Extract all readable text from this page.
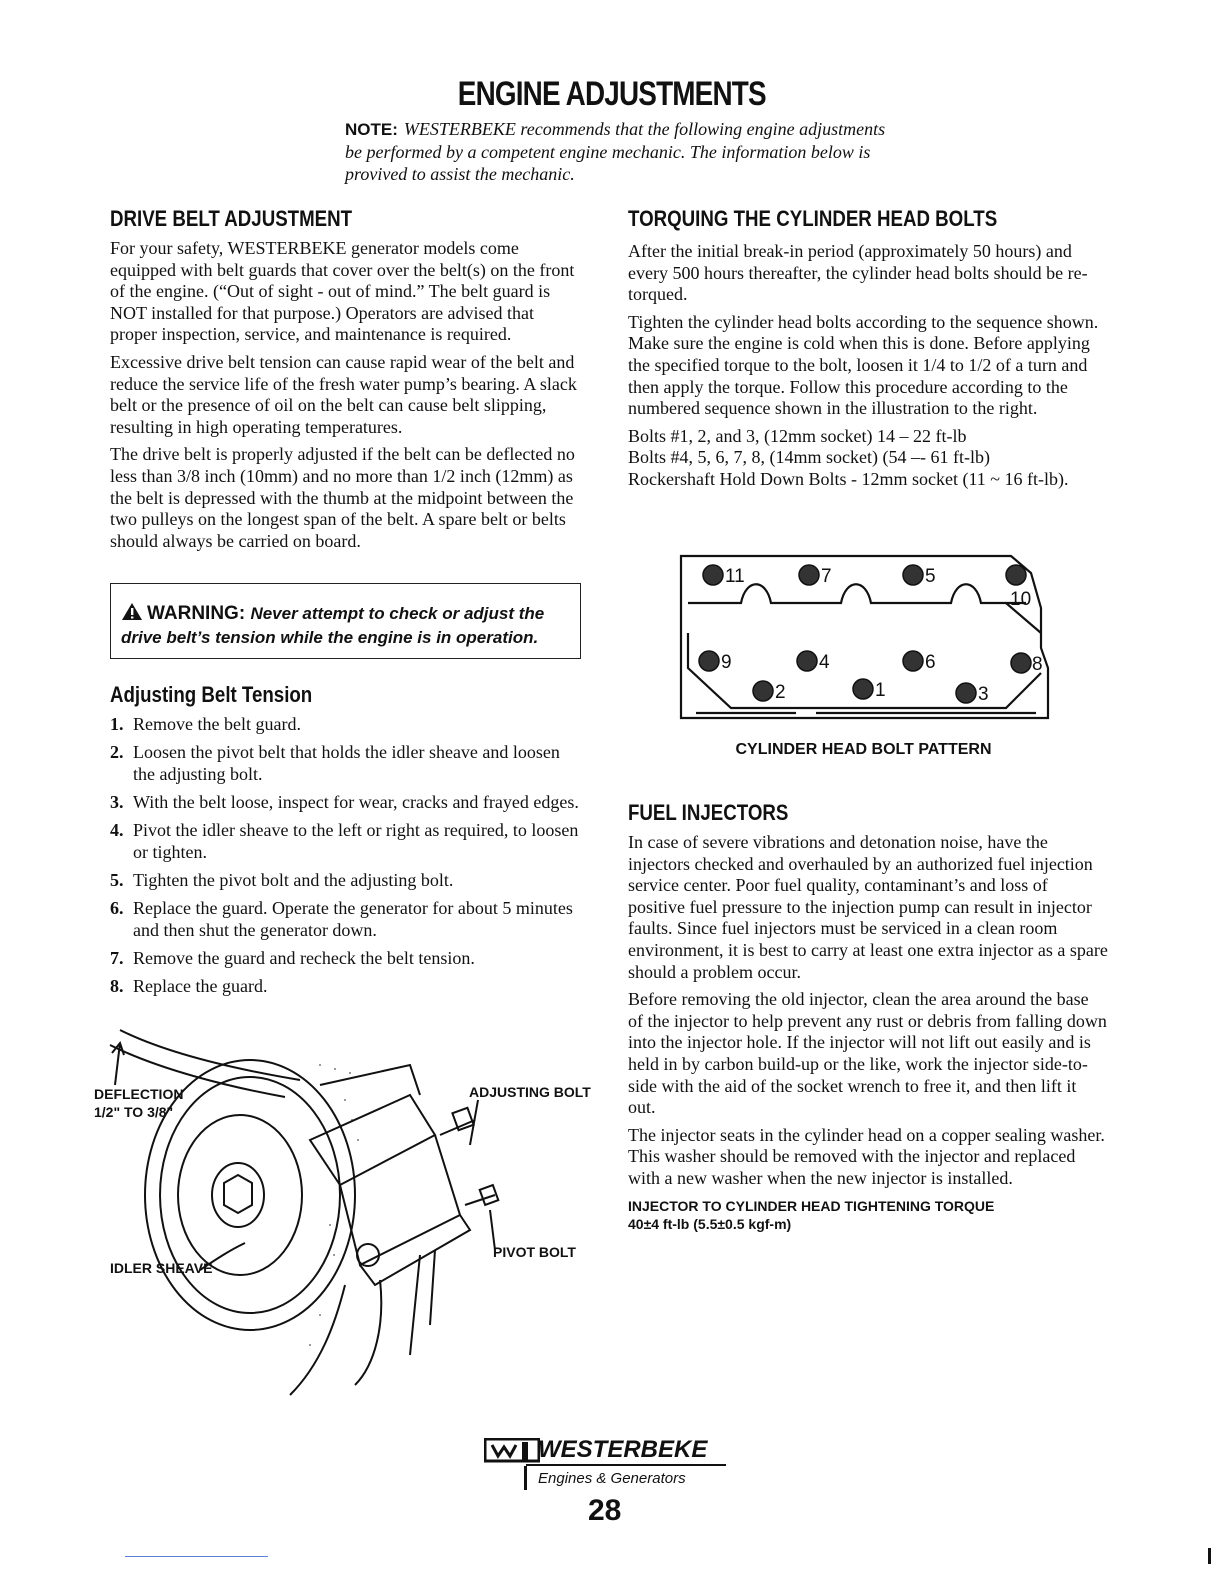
ENGINE ADJUSTMENTS
NOTE: WESTERBEKE recommends that the following engine adjustments be performed by a competent engine mechanic. The information below is provived to assist the mechanic.
DRIVE BELT ADJUSTMENT

For your safety, WESTERBEKE generator models come equipped with belt guards that cover over the belt(s) on the front of the engine. (“Out of sight - out of mind.” The belt guard is NOT installed for that purpose.) Operators are advised that proper inspection, service, and maintenance is required.

Excessive drive belt tension can cause rapid wear of the belt and reduce the service life of the fresh water pump’s bearing. A slack belt or the presence of oil on the belt can cause belt slipping, resulting in high operating temperatures.

The drive belt is properly adjusted if the belt can be deflected no less than 3/8 inch (10mm) and no more than 1/2 inch (12mm) as the belt is depressed with the thumb at the midpoint between the two pulleys on the longest span of the belt. A spare belt or belts should always be carried on board.

WARNING: Never attempt to check or adjust the
drive belt’s tension while the engine is in operation.
Adjusting Belt Tension
1. Remove the belt guard.
2. Loosen the pivot belt that holds the idler sheave and loosen the adjusting bolt.
3. With the belt loose, inspect for wear, cracks and frayed edges.
4. Pivot the idler sheave to the left or right as required, to loosen or tighten.
5. Tighten the pivot bolt and the adjusting bolt.
6. Replace the guard. Operate the generator for about 5 minutes and then shut the generator down.
7. Remove the guard and recheck the belt tension.
8. Replace the guard.
DEFLECTION
1/2" TO 3/8"
ADJUSTING BOLT
PIVOT BOLT
IDLER SHEAVE
TORQUING THE CYLINDER HEAD BOLTS

After the initial break-in period (approximately 50 hours) and every 500 hours thereafter, the cylinder head bolts should be re-torqued.

Tighten the cylinder head bolts according to the sequence shown. Make sure the engine is cold when this is done. Before applying the specified torque to the bolt, loosen it 1/4 to 1/2 of a turn and then apply the torque. Follow this procedure according to the numbered sequence shown in the illustration to the right.

Bolts #1, 2, and 3, (12mm socket) 14 – 22 ft-lb

Bolts #4, 5, 6, 7, 8, (14mm socket) (54 –- 61 ft-lb)

Rockershaft Hold Down Bolts - 12mm socket (11 ~ 16 ft-lb).

11	7	5
10
9	4	6	8
2	1	3
CYLINDER HEAD BOLT PATTERN
FUEL INJECTORS

In case of severe vibrations and detonation noise, have the injectors checked and overhauled by an authorized fuel injection service center. Poor fuel quality, contaminant’s and loss of positive fuel pressure to the injection pump can result in injector faults. Since fuel injectors must be serviced in a clean room environment, it is best to carry at least one extra injector as a spare should a problem occur.

Before removing the old injector, clean the area around the base of the injector to help prevent any rust or debris from falling down into the injector hole. If the injector will not lift out easily and is held in by carbon build-up or the like, work the injector side-to-side with the aid of the socket wrench to free it, and then lift it out.

The injector seats in the cylinder head on a copper sealing washer. This washer should be removed with the injector and replaced with a new washer when the new injector is installed.

INJECTOR TO CYLINDER HEAD TIGHTENING TORQUE
40±4 ft-lb (5.5±0.5 kgf-m)
WESTERBEKE
Engines & Generators
28
